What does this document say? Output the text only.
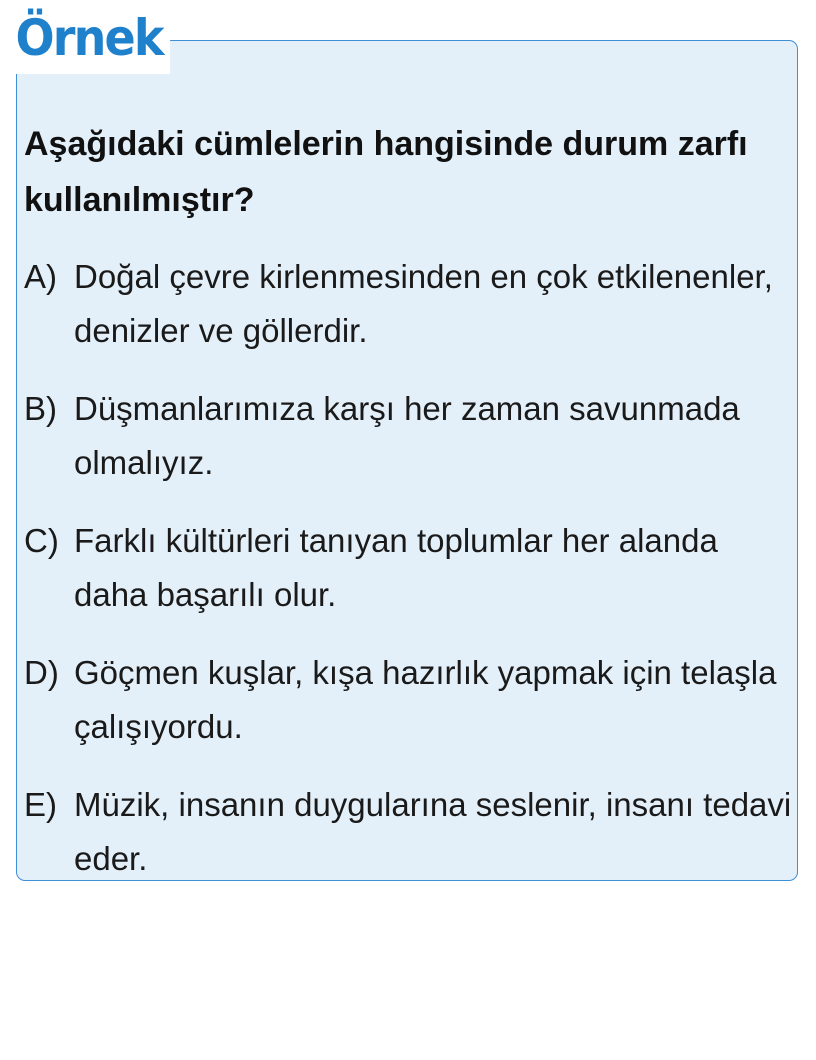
Örnek

Aşağıdaki cümlelerin hangisinde durum zarfı kullanılmıştır?

A) Doğal çevre kirlenmesinden en çok etkilenenler, denizler ve göllerdir.
B) Düşmanlarımıza karşı her zaman savunmada olmalıyız.
C) Farklı kültürleri tanıyan toplumlar her alanda daha başarılı olur.
D) Göçmen kuşlar, kışa hazırlık yapmak için telaşla çalışıyordu.
E) Müzik, insanın duygularına seslenir, insanı tedavi eder.
